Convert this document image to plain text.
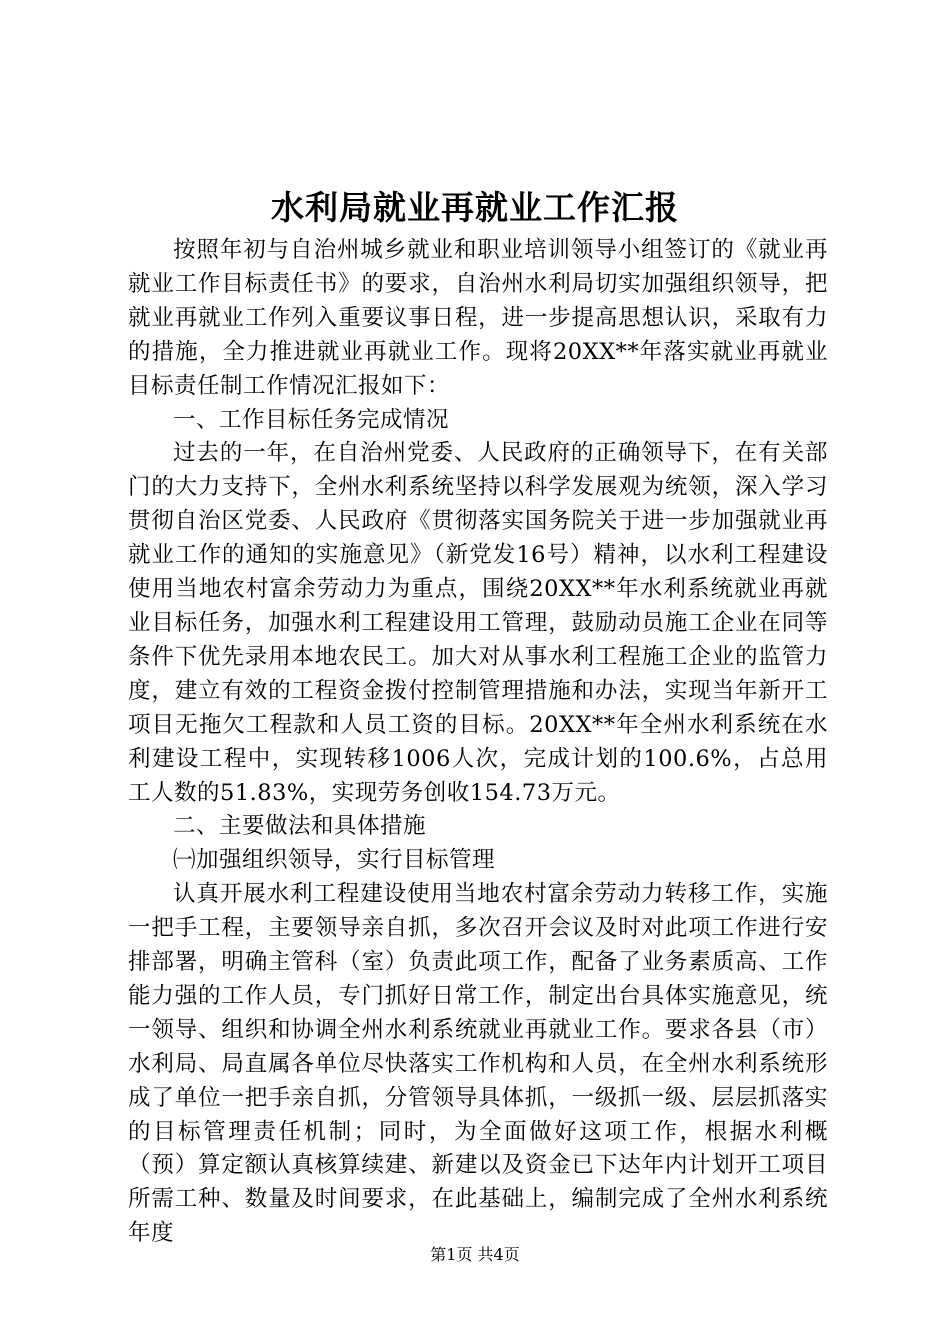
水利局就业再就业工作汇报

按照年初与自治州城乡就业和职业培训领导小组签订的《就业再就业工作目标责任书》的要求，自治州水利局切实加强组织领导，把就业再就业工作列入重要议事日程，进一步提高思想认识，采取有力的措施，全力推进就业再就业工作。现将20XX**年落实就业再就业目标责任制工作情况汇报如下：

一、工作目标任务完成情况

过去的一年，在自治州党委、人民政府的正确领导下，在有关部门的大力支持下，全州水利系统坚持以科学发展观为统领，深入学习贯彻自治区党委、人民政府《贯彻落实国务院关于进一步加强就业再就业工作的通知的实施意见》（新党发16号）精神，以水利工程建设使用当地农村富余劳动力为重点，围绕20XX**年水利系统就业再就业目标任务，加强水利工程建设用工管理，鼓励动员施工企业在同等条件下优先录用本地农民工。加大对从事水利工程施工企业的监管力度，建立有效的工程资金拨付控制管理措施和办法，实现当年新开工项目无拖欠工程款和人员工资的目标。20XX**年全州水利系统在水利建设工程中，实现转移1006人次，完成计划的100.6%，占总用工人数的51.83%，实现劳务创收154.73万元。

二、主要做法和具体措施

㈠加强组织领导，实行目标管理

认真开展水利工程建设使用当地农村富余劳动力转移工作，实施一把手工程，主要领导亲自抓，多次召开会议及时对此项工作进行安排部署，明确主管科（室）负责此项工作，配备了业务素质高、工作能力强的工作人员，专门抓好日常工作，制定出台具体实施意见，统一领导、组织和协调全州水利系统就业再就业工作。要求各县（市）水利局、局直属各单位尽快落实工作机构和人员，在全州水利系统形成了单位一把手亲自抓，分管领导具体抓，一级抓一级、层层抓落实的目标管理责任机制；同时，为全面做好这项工作，根据水利概（预）算定额认真核算续建、新建以及资金已下达年内计划开工项目所需工种、数量及时间要求，在此基础上，编制完成了全州水利系统年度

第1页 共4页
